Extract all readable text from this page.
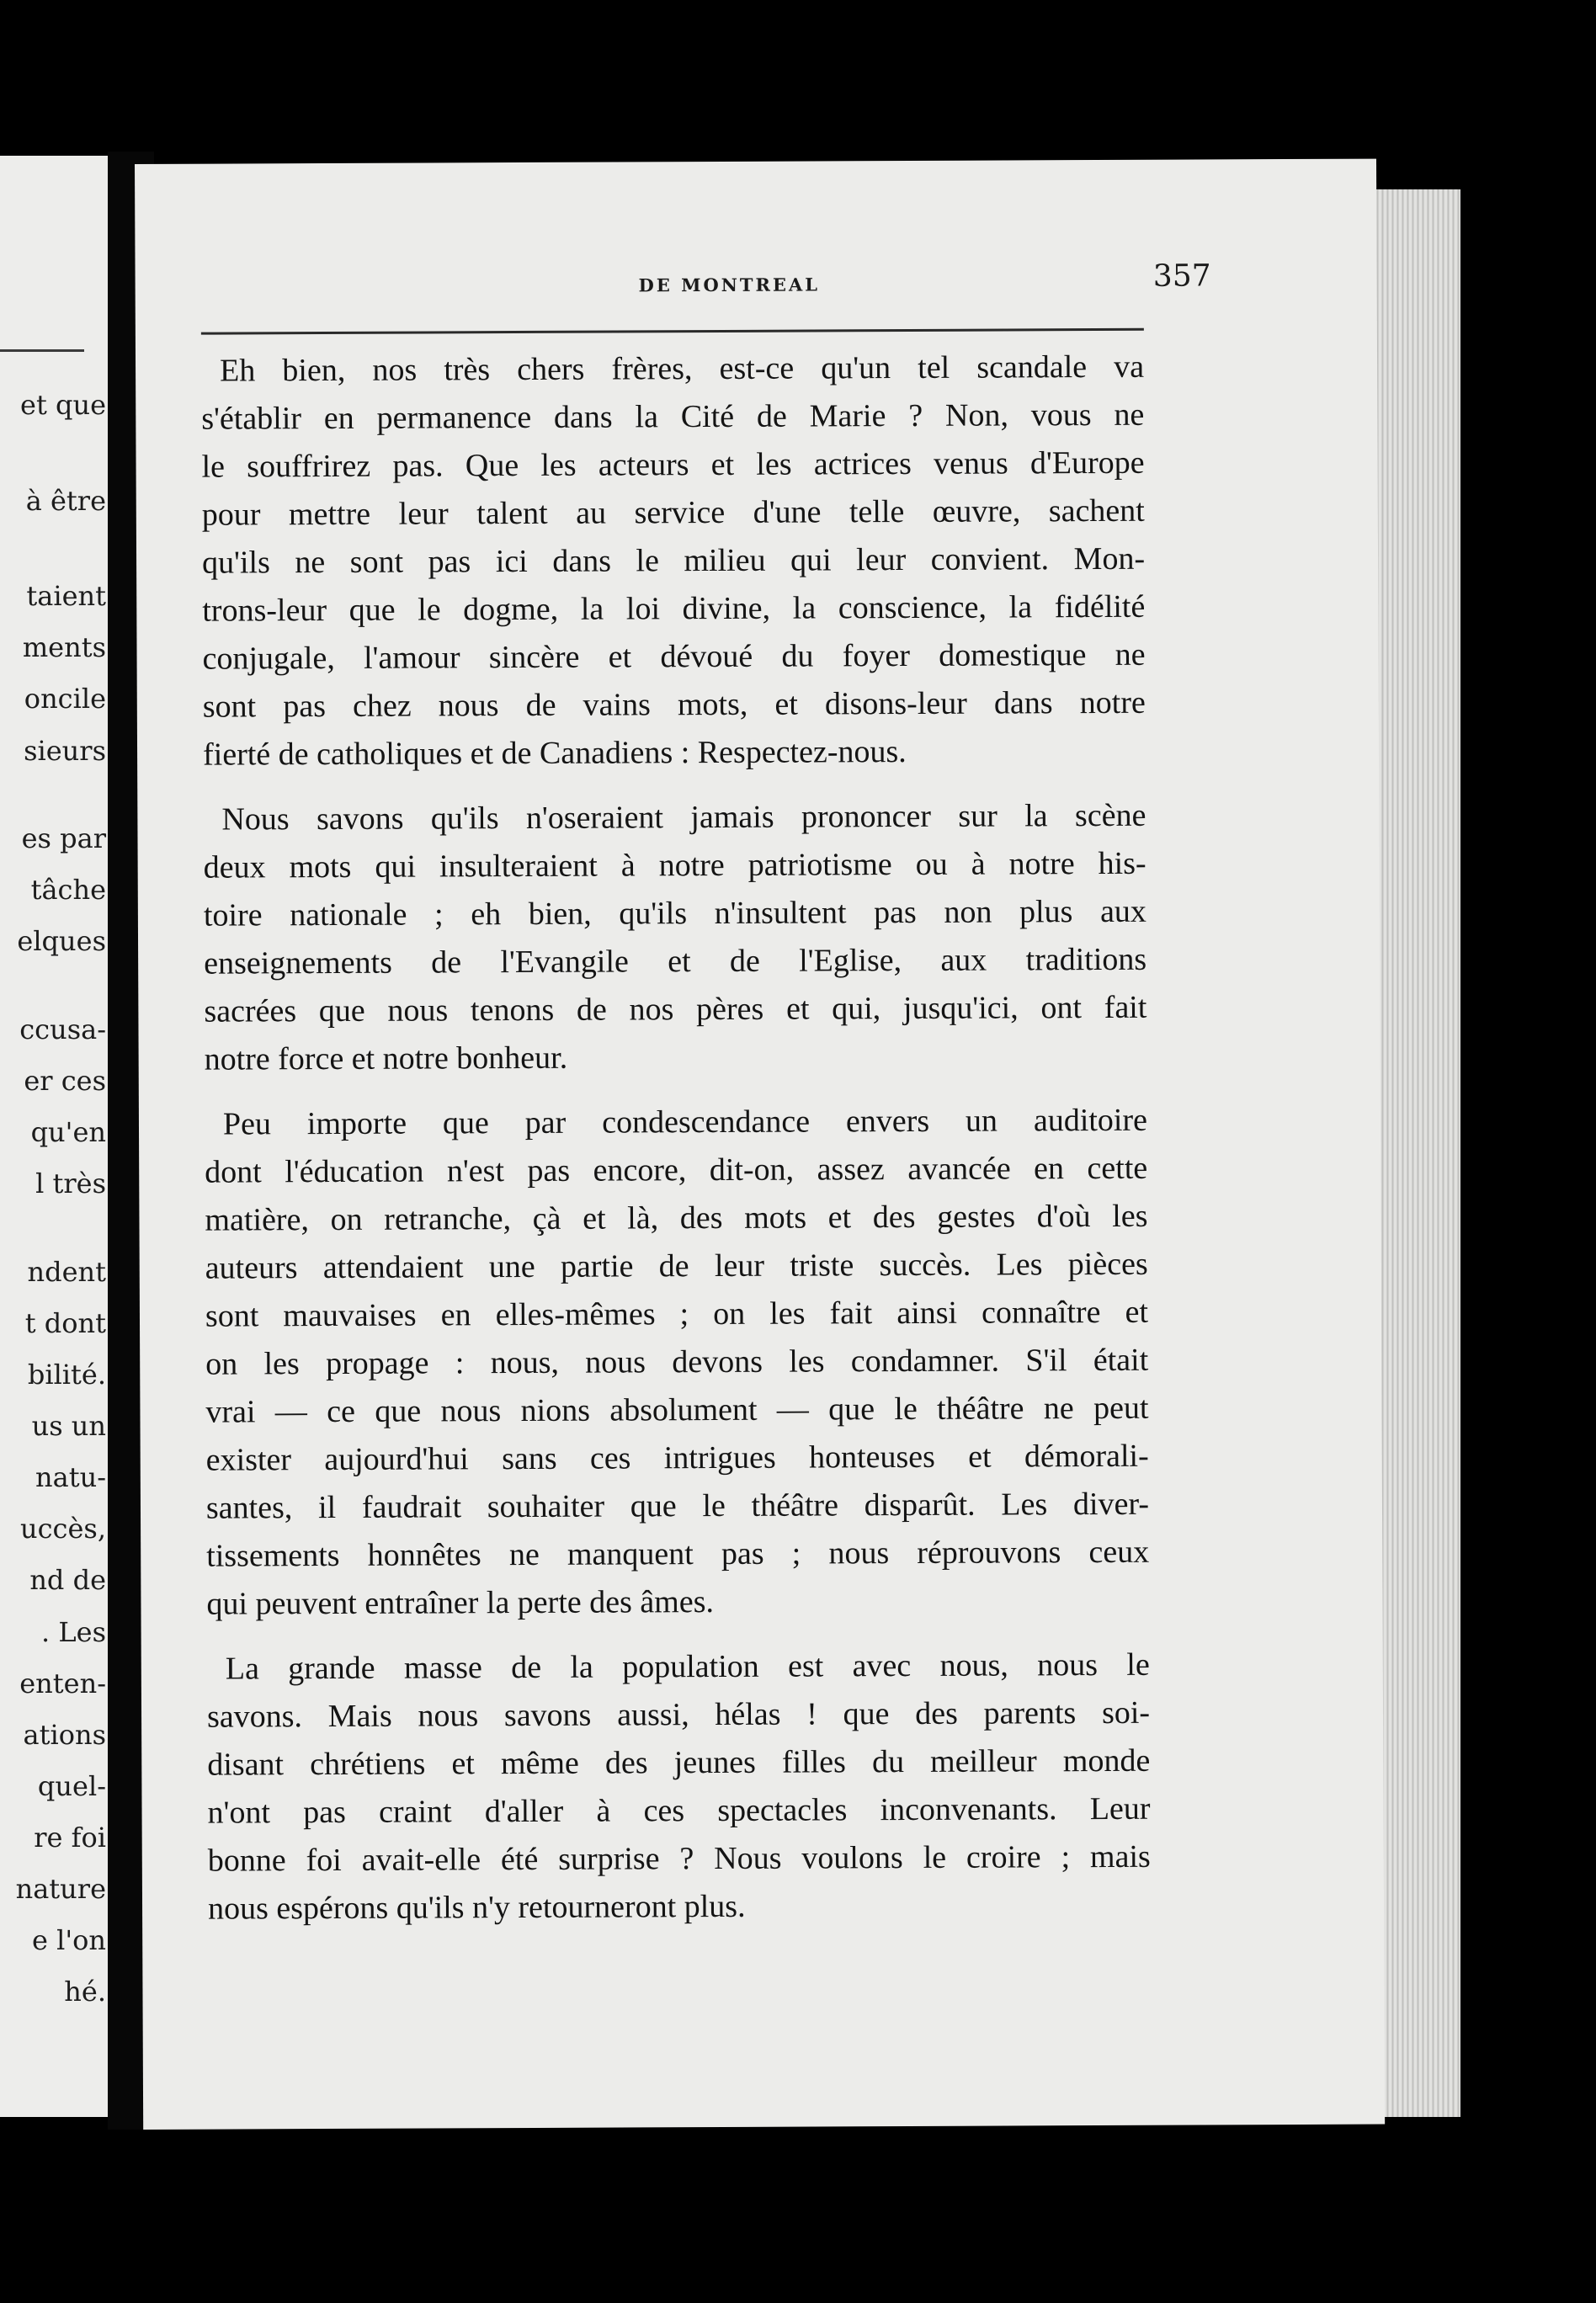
et que
à être
taient
ments
oncile
sieurs
es par
tâche
elques
ccusa-
er ces
qu'en
l très
ndent
t dont
bilité.
us un
natu-
uccès,
nd de
. Les
enten-
ations
quel-
re foi
nature
e l'on
hé.
DE MONTREAL	357
Eh bien, nos très chers frères, est-ce qu'un tel scandale va
s'établir en permanence dans la Cité de Marie ? Non, vous ne
le souffrirez pas. Que les acteurs et les actrices venus d'Europe
pour mettre leur talent au service d'une telle œuvre, sachent
qu'ils ne sont pas ici dans le milieu qui leur convient. Mon-
trons-leur que le dogme, la loi divine, la conscience, la fidélité
conjugale, l'amour sincère et dévoué du foyer domestique ne
sont pas chez nous de vains mots, et disons-leur dans notre
fierté de catholiques et de Canadiens : Respectez-nous.
Nous savons qu'ils n'oseraient jamais prononcer sur la scène
deux mots qui insulteraient à notre patriotisme ou à notre his-
toire nationale ; eh bien, qu'ils n'insultent pas non plus aux
enseignements de l'Evangile et de l'Eglise, aux traditions
sacrées que nous tenons de nos pères et qui, jusqu'ici, ont fait
notre force et notre bonheur.
Peu importe que par condescendance envers un auditoire
dont l'éducation n'est pas encore, dit-on, assez avancée en cette
matière, on retranche, çà et là, des mots et des gestes d'où les
auteurs attendaient une partie de leur triste succès. Les pièces
sont mauvaises en elles-mêmes ; on les fait ainsi connaître et
on les propage : nous, nous devons les condamner. S'il était
vrai — ce que nous nions absolument — que le théâtre ne peut
exister aujourd'hui sans ces intrigues honteuses et démorali-
santes, il faudrait souhaiter que le théâtre disparût. Les diver-
tissements honnêtes ne manquent pas ; nous réprouvons ceux
qui peuvent entraîner la perte des âmes.
La grande masse de la population est avec nous, nous le
savons. Mais nous savons aussi, hélas ! que des parents soi-
disant chrétiens et même des jeunes filles du meilleur monde
n'ont pas craint d'aller à ces spectacles inconvenants. Leur
bonne foi avait-elle été surprise ? Nous voulons le croire ; mais
nous espérons qu'ils n'y retourneront plus.
